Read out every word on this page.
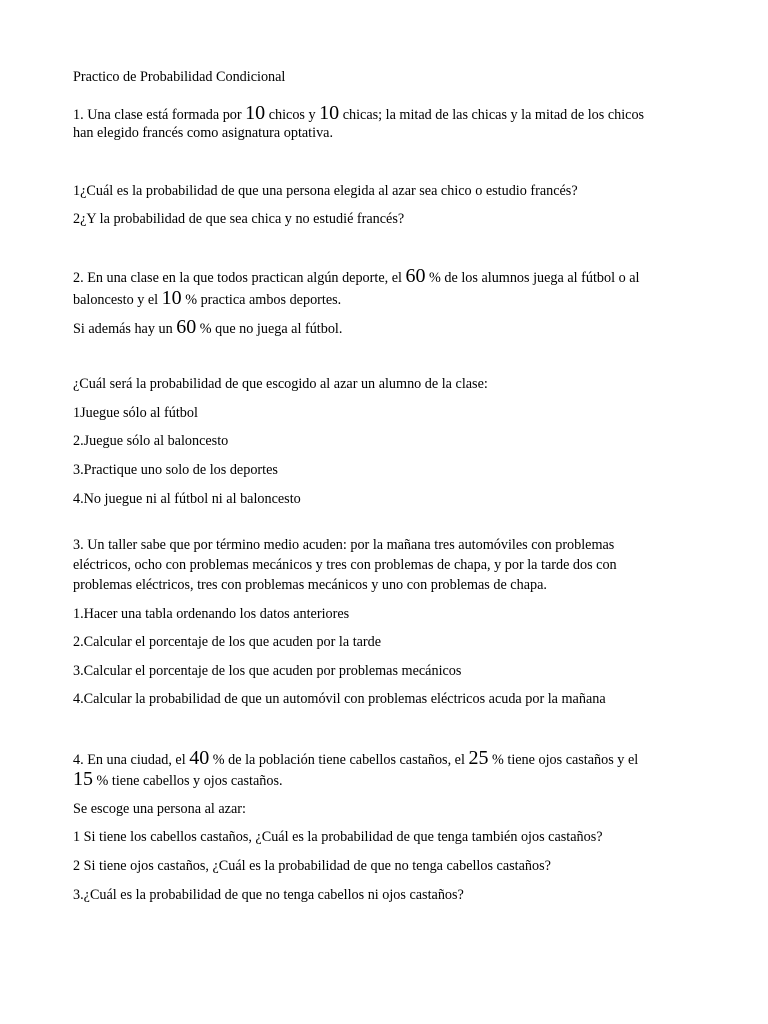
Practico de Probabilidad Condicional
1. Una clase está formada por 10 chicos y 10 chicas; la mitad de las chicas y la mitad de los chicos
han elegido francés como asignatura optativa.
1¿Cuál es la probabilidad de que una persona elegida al azar sea chico o estudio francés?
2¿Y la probabilidad de que sea chica y no estudié francés?
2. En una clase en la que todos practican algún deporte, el 60 % de los alumnos juega al fútbol o al
baloncesto y el 10 % practica ambos deportes.
Si además hay un 60 % que no juega al fútbol.
¿Cuál será la probabilidad de que escogido al azar un alumno de la clase:
1Juegue sólo al fútbol
2.Juegue sólo al baloncesto
3.Practique uno solo de los deportes
4.No juegue ni al fútbol ni al baloncesto
3. Un taller sabe que por término medio acuden: por la mañana tres automóviles con problemas
eléctricos, ocho con problemas mecánicos y tres con problemas de chapa, y por la tarde dos con
problemas eléctricos, tres con problemas mecánicos y uno con problemas de chapa.
1.Hacer una tabla ordenando los datos anteriores
2.Calcular el porcentaje de los que acuden por la tarde
3.Calcular el porcentaje de los que acuden por problemas mecánicos
4.Calcular la probabilidad de que un automóvil con problemas eléctricos acuda por la mañana
4. En una ciudad, el 40 % de la población tiene cabellos castaños, el 25 % tiene ojos castaños y el
15 % tiene cabellos y ojos castaños.
Se escoge una persona al azar:
1 Si tiene los cabellos castaños, ¿Cuál es la probabilidad de que tenga también ojos castaños?
2 Si tiene ojos castaños, ¿Cuál es la probabilidad de que no tenga cabellos castaños?
3.¿Cuál es la probabilidad de que no tenga cabellos ni ojos castaños?
